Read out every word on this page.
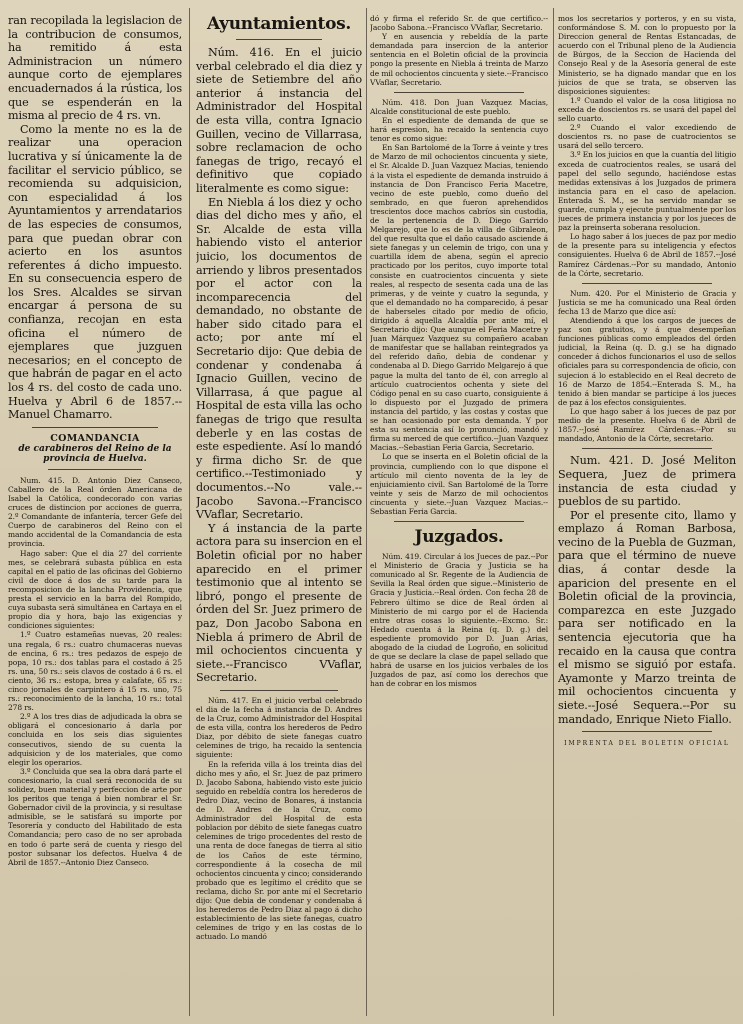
ran recopilada la legislacion de la contribucion de consumos, ha remitido á esta Administracion un número aunque corto de ejemplares encuadernados á la rústica, los que se espenderán en la misma al precio de 4 rs. vn.

Como la mente no es la de realizar una operacion lucrativa y sí únicamente la de facilitar el servicio público, se recomienda su adquisicion, con especialidad á los Ayuntamientos y arrendatarios de las especies de consumos, para que puedan obrar con acierto en los asuntos referentes á dicho impuesto. En su consecuencia espero de los Sres. Alcaldes se sirvan encargar á persona de su confianza, recojan en esta oficina el número de ejemplares que juzguen necesarios; en el concepto de que habrán de pagar en el acto los 4 rs. del costo de cada uno. Huelva y Abril 6 de 1857.--Manuel Chamarro.

COMANDANCIA
de carabineros del Reino de la provincia de Huelva.

Num. 415. D. Antonio Diez Canseco, Caballero de la Real órden Americana de Isabel la Católica, condecorado con varias cruces de distincion por acciones de guerra, 2.º Comandante de infantería, tercer Gefe del Cuerpo de carabineros del Reino con el mando accidental de la Comandancia de esta provincia.

Hago saber: Que el dia 27 del corriente mes, se celebrará subasta pública en esta capital en el patio de las oficinas del Gobierno civil de doce á dos de su tarde para la recomposicion de la lancha Providencia, que presta el servicio en la barra del Rompido, cuya subasta será simultánea en Cartaya en el propio dia y hora, bajo las exigencias y condiciones siguientes:

1.º Cuatro estameñas nuevas, 20 reales: una regala, 6 rs.: cuatro chumaceras nuevas de encina, 6 rs.: tres pedazos de espejo de popa, 10 rs.: dos tablas para el costado á 25 rs. una, 50 rs.: seis clavos de costado á 6 rs. el ciento, 36 rs.: estopa, brea y calafate, 65 rs.: cinco jornales de carpintero á 15 rs. uno, 75 rs.: reconocimiento de la lancha, 10 rs.: total 278 rs.

2.º A los tres dias de adjudicada la obra se obligará el concesionario á darla por concluida en los seis dias siguientes consecutivos, siendo de su cuenta la adquisicion y de los materiales, que como elegir los operarios.

3.º Concluida que sea la obra dará parte el concesionario, la cual será reconocida de su solidez, buen material y perfeccion de arte por los peritos que tenga á bien nombrar el Sr. Gobernador civil de la provincia, y si resultase admisible, se le satisfará su importe por Tesorería y conducto del Habilitado de esta Comandancia; pero caso de no ser aprobada en todo ó parte será de cuenta y riesgo del postor subsanar los defectos. Huelva 4 de Abril de 1857.--Antonio Diez Canseco.

Ayuntamientos.

Núm. 416. En el juicio verbal celebrado el dia diez y siete de Setiembre del año anterior á instancia del Administrador del Hospital de esta villa, contra Ignacio Guillen, vecino de Villarrasa, sobre reclamacion de ocho fanegas de trigo, recayó el definitivo que copiado literalmente es como sigue:

En Niebla á los diez y ocho dias del dicho mes y año, el Sr. Alcalde de esta villa habiendo visto el anterior juicio, los documentos de arriendo y libros presentados por el actor con la incomparecencia del demandado, no obstante de haber sido citado para el acto; por ante mí el Secretario dijo: Que debia de condenar y condenaba á Ignacio Guillen, vecino de Villarrasa, á que pague al Hospital de esta villa las ocho fanegas de trigo que resulta deberle y en las costas de este espediente. Así lo mandó y firma dicho Sr. de que certifico.--Testimoniado y documentos.--No vale.--Jacobo Savona.--Francisco VVaflar, Secretario.

Y á instancia de la parte actora para su insercion en el Boletin oficial por no haber aparecido en el primer testimonio que al intento se libró, pongo el presente de órden del Sr. Juez primero de paz, Don Jacobo Sabona en Niebla á primero de Abril de mil ochocientos cincuenta y siete.--Francisco VVaflar, Secretario.

Núm. 417. En el juicio verbal celebrado el dia de la fecha á instancia de D. Andres de la Cruz, como Administrador del Hospital de esta villa, contra los herederos de Pedro Diaz, por débito de siete fanegas cuatro celemines de trigo, ha recaido la sentencia siguiente:

En la referida villa á los treinta dias del dicho mes y año, el Sr. Juez de paz primero D. Jacobo Sabona, habiendo visto este juicio seguido en rebeldía contra los herederos de Pedro Diaz, vecino de Bonares, á instancia de D. Andres de la Cruz, como Administrador del Hospital de esta poblacion por débito de siete fanegas cuatro celemines de trigo procedentes del resto de una renta de doce fanegas de tierra al sitio de los Caños de este término, correspondiente á la cosecha de mil ochocientos cincuenta y cinco; considerando probado que es legítimo el crédito que se reclama, dicho Sr. por ante mí el Secretario dijo: Que debia de condenar y condenaba á los herederos de Pedro Diaz al pago á dicho establecimiento de las siete fanegas, cuatro celemines de trigo y en las costas de lo actuado. Lo mandó

dó y firma el referido Sr. de que certifico.--Jacobo Sabona.--Francisco VVaflar, Secretario.

Y en ausencia y rebeldía de la parte demandada para insercion de la anterior sentencia en el Boletin oficial de la provincia pongo la presente en Niebla á treinta de Marzo de mil ochocientos cincuenta y siete.--Francisco VVaflar, Secretario.

Núm. 418. Don Juan Vazquez Macias, Alcalde constitucional de este pueblo.

En el espediente de demanda de que se hará espresion, ha recaido la sentencia cuyo tenor es como sigue:

En San Bartolomé de la Torre á veinte y tres de Marzo de mil ochocientos cincuenta y siete, el Sr. Alcalde D. Juan Vazquez Macias, teniendo á la vista el espediente de demanda instruido á instancia de Don Francisco Feria Macetre, vecino de este pueblo, como dueño del sembrado, en que fueron aprehendidos trescientos doce machos cabríos sin custodia, de la pertenencia de D. Diego Garrido Melgarejo, que lo es de la villa de Gibraleon, del que resulta que el daño causado asciende á siete fanegas y un celemin de trigo, con una y cuartilla idem de abena, según el aprecio practicado por los peritos, cuyo importe total consiste en cuatrocientos cincuenta y siete reales, al respecto de sesenta cada una de las primeras, y de veinte y cuatro la segunda, y que el demandado no ha comparecido, á pesar de haberseles citado por medio de oficio, dirigido á aquella Alcaldía por ante mí, el Secretario dijo: Que aunque el Feria Macetre y Juan Márquez Vazquez su compañero acaban de manifestar que se hallaban reintegrados ya del referido daño, debia de condenar y condenaba al D. Diego Garrido Melgarejo á que pague la multa del tanto de él, con arreglo al artículo cuatrocientos ochenta y siete del Código penal en su caso cuarto, consiguiente á lo dispuesto por el Juzgado de primera instancia del partido, y las costas y costas que se han ocasionado por esta demanda. Y por esta su sentencia así lo pronunció, mandó y firma su merced de que certifico.--Juan Vazquez Macias.--Sebastian Feria Garcia, Secretario.

Lo que se inserta en el Boletin oficial de la provincia, cumpliendo con lo que dispone el artículo mil ciento noventa de la ley de enjuiciamiento civil. San Bartolomé de la Torre veinte y seis de Marzo de mil ochocientos cincuenta y siete.--Juan Vazquez Macias.--Sebastian Feria Garcia.

Juzgados.

Núm. 419. Circular á los Jueces de paz.--Por el Ministerio de Gracia y Justicia se ha comunicado al Sr. Regente de la Audiencia de Sevilla la Real órden que sigue.--Ministerio de Gracia y Justicia.--Real órden. Con fecha 28 de Febrero último se dice de Real órden al Ministerio de mi cargo por el de Hacienda entre otras cosas lo siguiente.--Excmo. Sr.: Hedado cuenta á la Reina (q. D. g.) del espediente promovido por D. Juan Arias, abogado de la ciudad de Logroño, en solicitud de que se declare la clase de papel sellado que habrá de usarse en los juicios verbales de los Juzgados de paz, así como los derechos que han de cobrar en los mismos

mos los secretarios y porteros, y en su vista, conformándose S. M. con lo propuesto por la Direccion general de Rentas Estancadas, de acuerdo con el Tribunal pleno de la Audiencia de Búrgos, de la Seccion de Hacienda del Consejo Real y de la Asesoría general de este Ministerio, se ha dignado mandar que en los juicios de que se trata, se observen las disposiciones siguientes:

1.º Cuando el valor de la cosa litigiosa no exceda de doscientos rs. se usará del papel del sello cuarto.

2.º Cuando el valor excediendo de doscientos rs. no pase de cuatrocientos se usará del sello tercero.

3.º En los juicios en que la cuantía del litigio exceda de cuatrocientos reales, se usará del papel del sello segundo, haciéndose estas medidas extensivas á los Juzgados de primera instancia para en el caso de apelacion. Enterada S. M., se ha servido mandar se guarde, cumpla y ejecute puntualmente por los jueces de primera instancia y por los jueces de paz la preinserta soberana resolucion.

Lo hago saber á los jueces de paz por medio de la presente para su inteligencia y efectos consiguientes. Huelva 6 de Abril de 1857.--José Ramírez Cárdenas.--Por su mandado, Antonio de la Córte, secretario.

Num. 420. Por el Ministerio de Gracia y Justicia se me ha comunicado una Real órden fecha 13 de Marzo que dice así:

Atendiendo á que los cargos de jueces de paz son gratuitos, y á que desempeñan funciones públicas como empleados del órden judicial, la Reina (q. D. g.) se ha dignado conceder á dichos funcionarios el uso de sellos oficiales para su correspondencia de oficio, con sujecion á lo establecido en el Real decreto de 16 de Marzo de 1854.--Enterada S. M., ha tenido á bien mandar se participe á los jueces de paz á los efectos consiguientes.

Lo que hago saber á los jueces de paz por medio de la presente. Huelva 6 de Abril de 1857.--José Ramírez Cárdenas.--Por su mandado, Antonio de la Córte, secretario.

Num. 421. D. José Meliton Sequera, Juez de primera instancia de esta ciudad y pueblos de su partido.

Por el presente cito, llamo y emplazo á Roman Barbosa, vecino de la Puebla de Guzman, para que el término de nueve dias, á contar desde la aparicion del presente en el Boletin oficial de la provincia, comparezca en este Juzgado para ser notificado en la sentencia ejecutoria que ha recaido en la causa que contra el mismo se siguió por estafa. Ayamonte y Marzo treinta de mil ochocientos cincuenta y siete.--José Sequera.--Por su mandado, Enrique Nieto Fiallo.

IMPRENTA DEL BOLETIN OFICIAL
